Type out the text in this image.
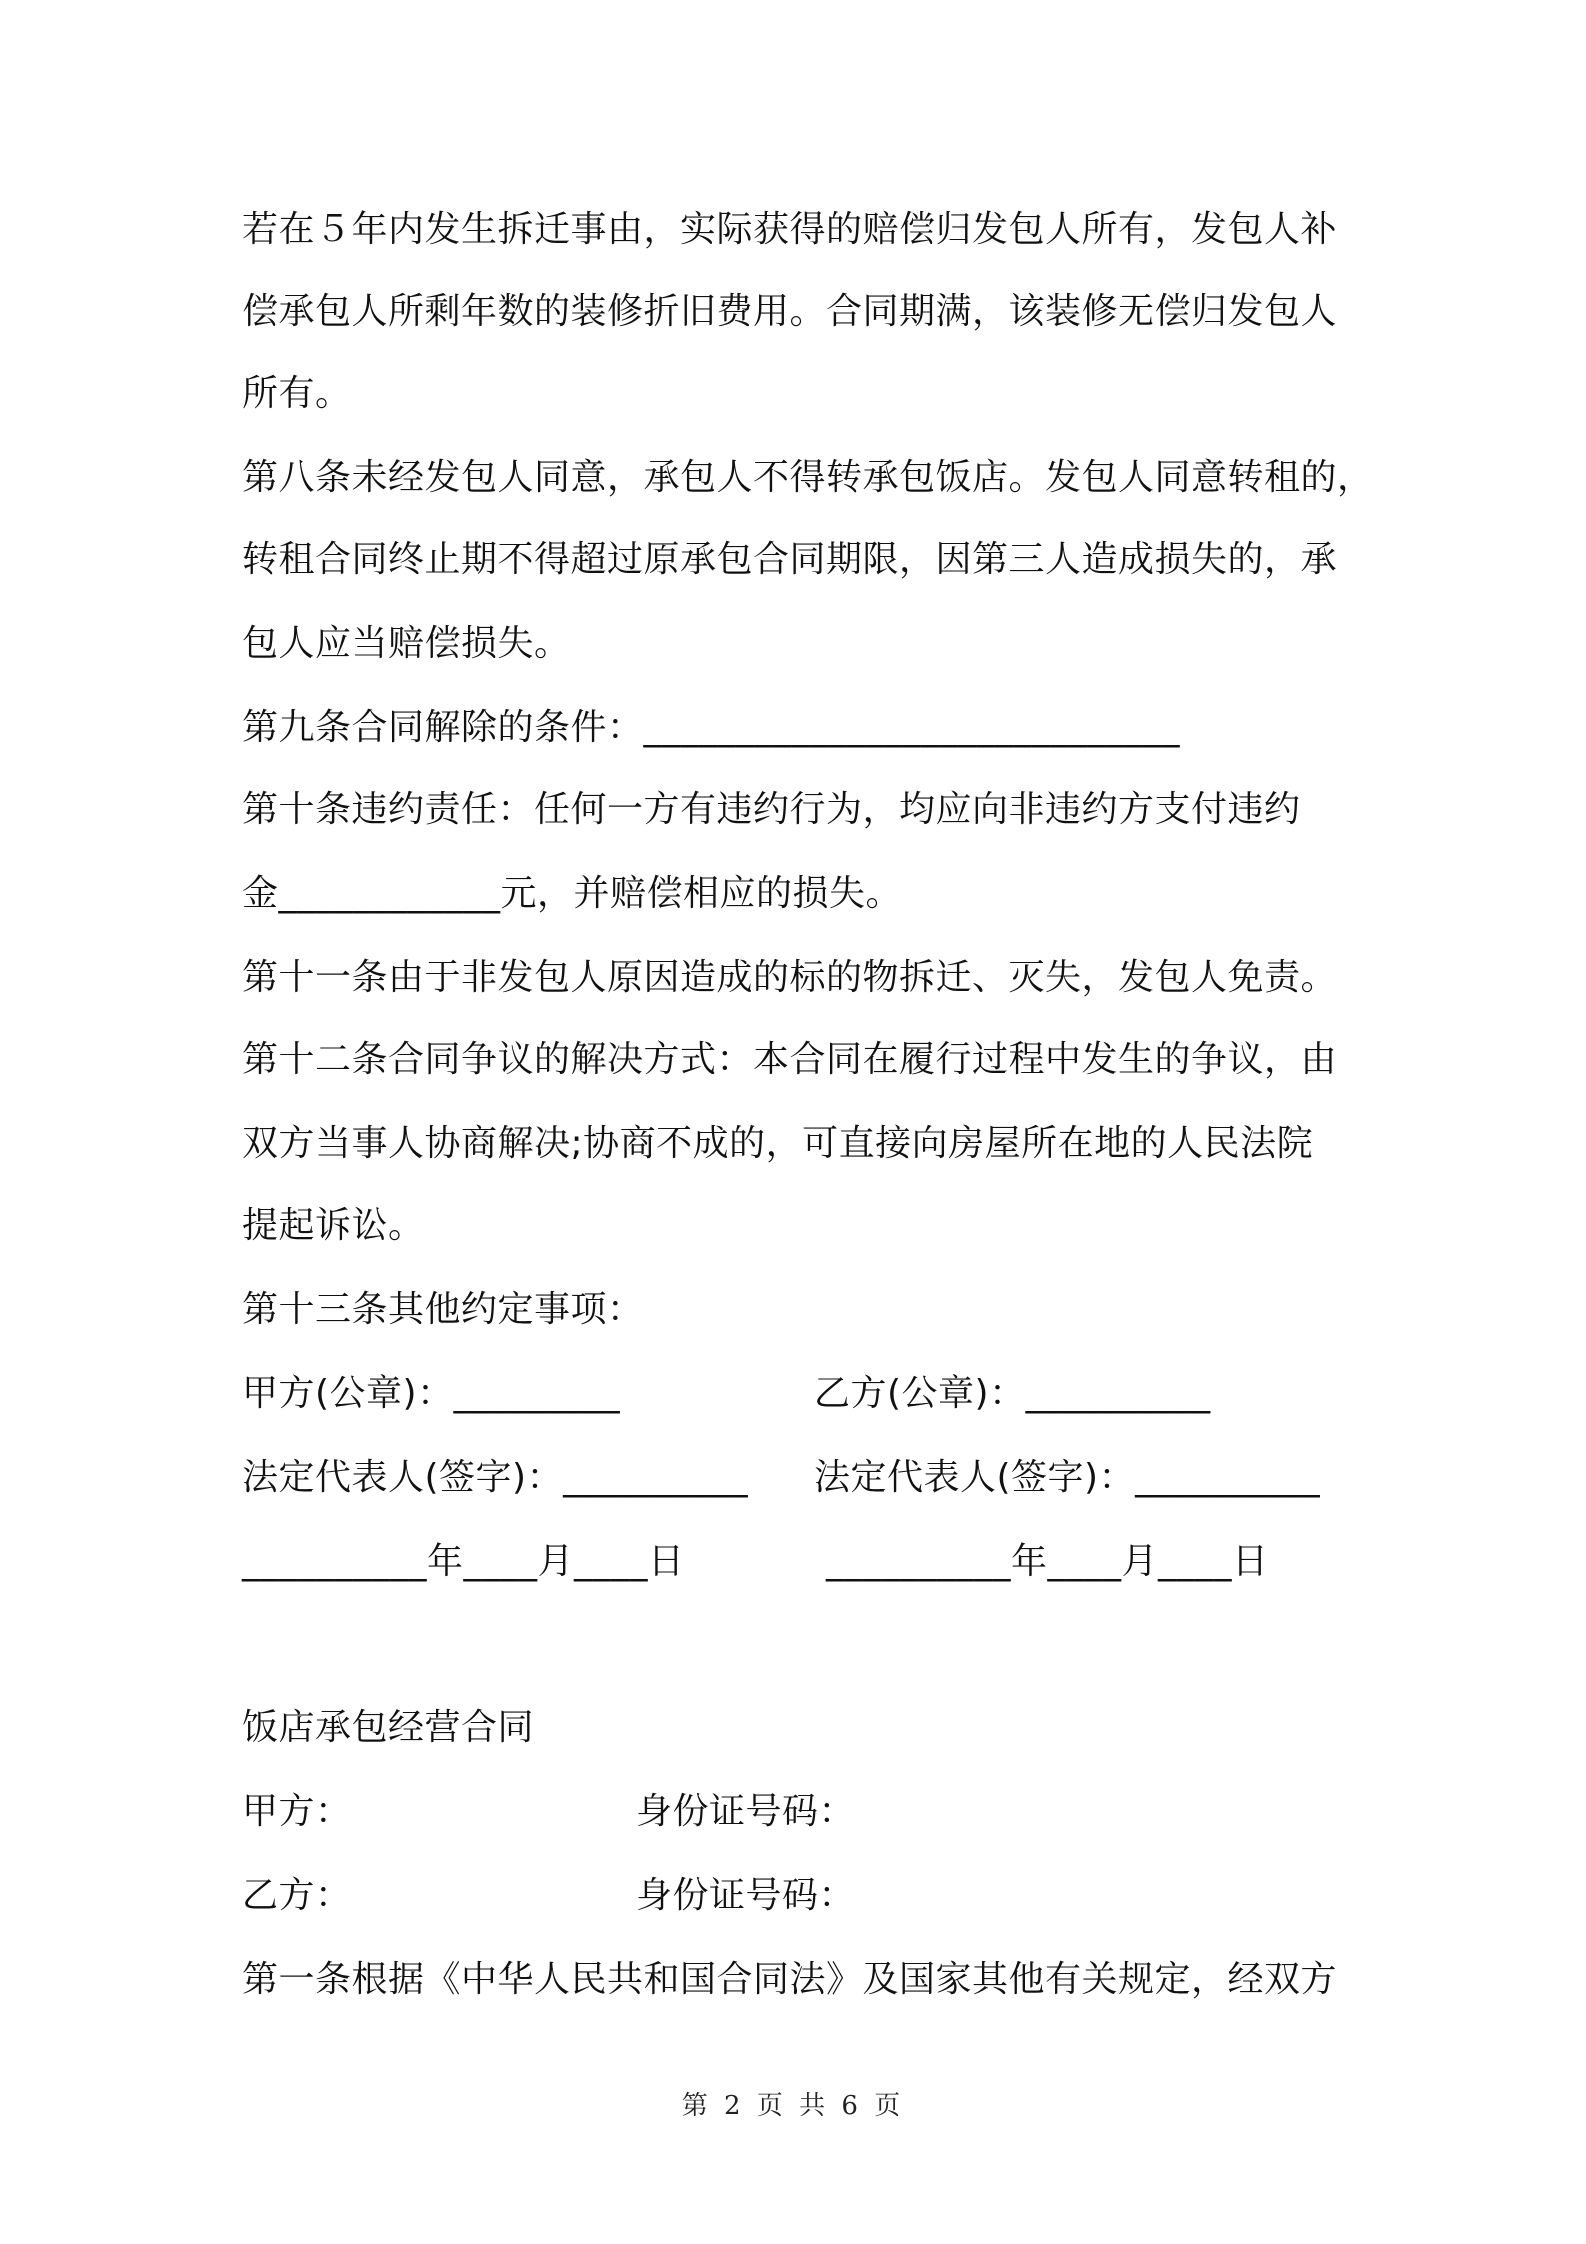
若在５年内发生拆迁事由，实际获得的赔偿归发包人所有，发包人补
偿承包人所剩年数的装修折旧费用。合同期满，该装修无偿归发包人
所有。
第八条未经发包人同意，承包人不得转承包饭店。发包人同意转租的，
转租合同终止期不得超过原承包合同期限，因第三人造成损失的，承
包人应当赔偿损失。
第九条合同解除的条件：_____________________________
第十条违约责任：任何一方有违约行为，均应向非违约方支付违约
金____________元，并赔偿相应的损失。
第十一条由于非发包人原因造成的标的物拆迁、灭失，发包人免责。
第十二条合同争议的解决方式：本合同在履行过程中发生的争议，由
双方当事人协商解决;协商不成的，可直接向房屋所在地的人民法院
提起诉讼。
第十三条其他约定事项：
甲方(公章)：_________	乙方(公章)：__________
法定代表人(签字)：__________ 法定代表人(签字)：__________
__________年____月____日	__________年____月____日
饭店承包经营合同
甲方：	身份证号码：
乙方：	身份证号码：
第一条根据《中华人民共和国合同法》及国家其他有关规定，经双方
第 2 页 共 6 页
